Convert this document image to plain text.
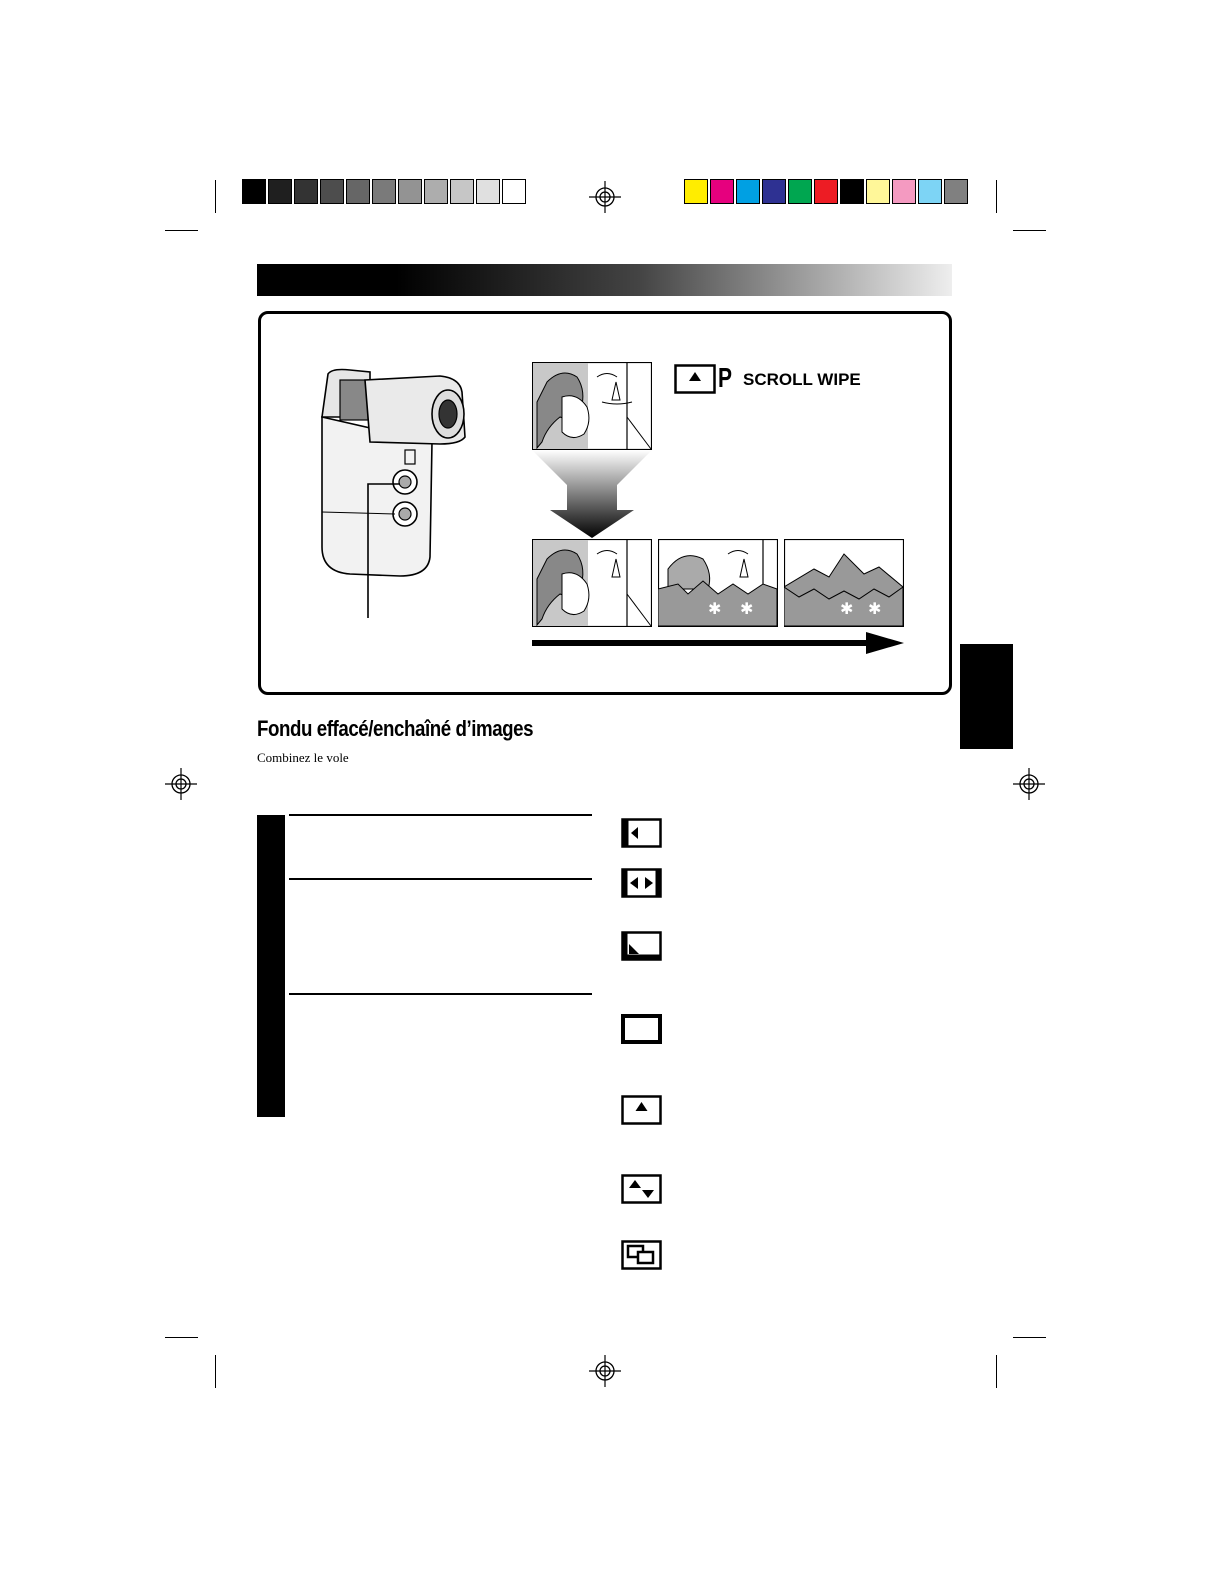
P SCROLL WIPE
✱ ✱	✱ ✱
Fondu effacé/enchaîné d’images
Combinez le vole
